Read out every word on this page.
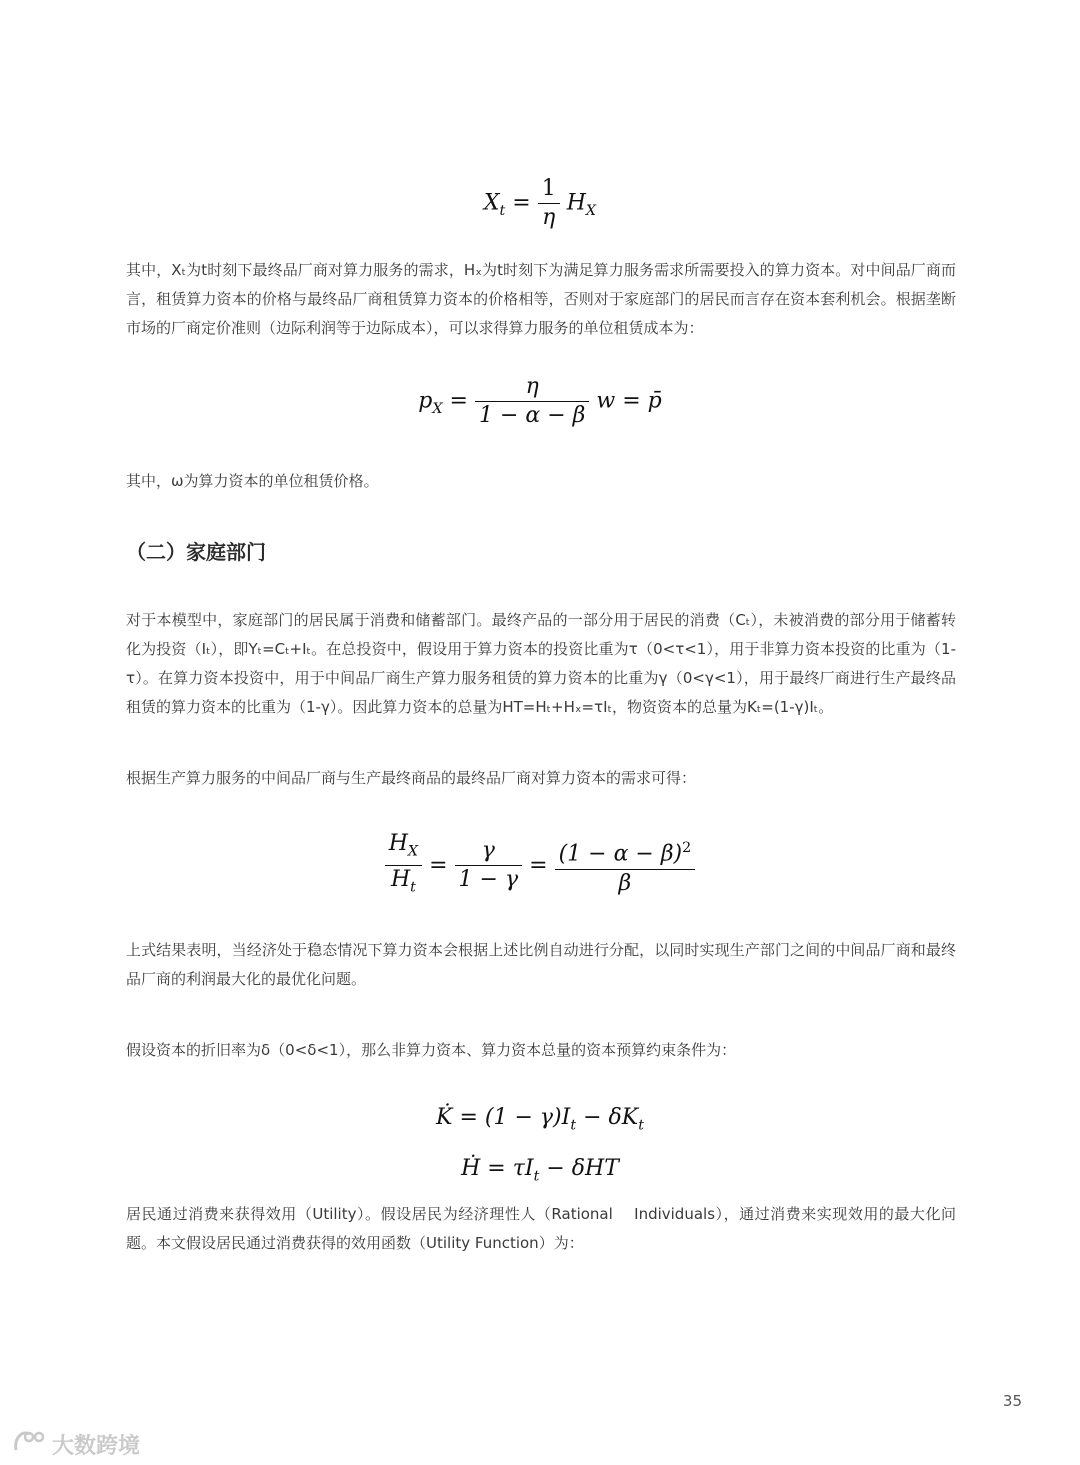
$X_t = \frac{1}{\eta} H_X$

其中，Xₜ为t时刻下最终品厂商对算力服务的需求，Hₓ为t时刻下为满足算力服务需求所需要投入的算力资本。对中间品厂商而言，租赁算力资本的价格与最终品厂商租赁算力资本的价格相等，否则对于家庭部门的居民而言存在资本套利机会。根据垄断市场的厂商定价准则（边际利润等于边际成本），可以求得算力服务的单位租赁成本为：

$p_X = \frac{\eta}{1 - \alpha - \beta}$ w = p̄

其中，ω为算力资本的单位租赁价格。

（二）家庭部门

对于本模型中，家庭部门的居民属于消费和储蓄部门。最终产品的一部分用于居民的消费（Cₜ），未被消费的部分用于储蓄转化为投资（Iₜ），即Yₜ=Cₜ+Iₜ。在总投资中，假设用于算力资本的投资比重为τ（0<τ<1），用于非算力资本投资的比重为（1-τ）。在算力资本投资中，用于中间品厂商生产算力服务租赁的算力资本的比重为γ（0<γ<1），用于最终厂商进行生产最终品租赁的算力资本的比重为（1-γ）。因此算力资本的总量为HT=Hₜ+Hₓ=τIₜ，物资资本的总量为Kₜ=(1-γ)Iₜ。

根据生产算力服务的中间品厂商与生产最终商品的最终品厂商对算力资本的需求可得：

$\frac{H_X}{H_t} = \frac{\gamma}{1 - \gamma} = \frac{(1 - \alpha - \beta)^2}{\beta}$

上式结果表明，当经济处于稳态情况下算力资本会根据上述比例自动进行分配，以同时实现生产部门之间的中间品厂商和最终品厂商的利润最大化的最优化问题。

假设资本的折旧率为δ（0<δ<1），那么非算力资本、算力资本总量的资本预算约束条件为：

K̇ = $(1 - \gamma)I_t - \delta K_t$
Ḣ = $\tau I_t - \delta HT$

居民通过消费来获得效用（Utility）。假设居民为经济理性人（Rational　 Individuals），通过消费来实现效用的最大化问题。本文假设居民通过消费获得的效用函数（Utility Function）为：

35
大数跨境
